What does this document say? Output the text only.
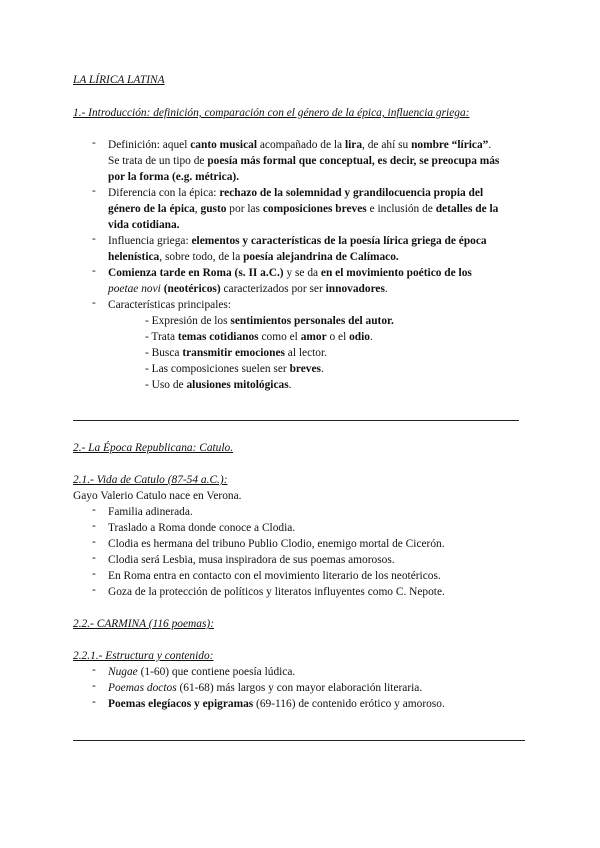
LA LÍRICA LATINA
1.- Introducción: definición, comparación con el género de la épica, influencia griega:
- Definición: aquel canto musical acompañado de la lira, de ahí su nombre “lírica”.
Se trata de un tipo de poesía más formal que conceptual, es decir, se preocupa más
por la forma (e.g. métrica).
- Diferencia con la épica: rechazo de la solemnidad y grandilocuencia propia del
género de la épica, gusto por las composiciones breves e inclusión de detalles de la
vida cotidiana.
- Influencia griega: elementos y características de la poesía lírica griega de época
helenística, sobre todo, de la poesía alejandrina de Calímaco.
- Comienza tarde en Roma (s. II a.C.) y se da en el movimiento poético de los
poetae novi (neotéricos) caracterizados por ser innovadores.
- Características principales:
- Expresión de los sentimientos personales del autor.
- Trata temas cotidianos como el amor o el odio.
- Busca transmitir emociones al lector.
- Las composiciones suelen ser breves.
- Uso de alusiones mitológicas.
2.- La Época Republicana: Catulo.
2.1.- Vida de Catulo (87-54 a.C.):
Gayo Valerio Catulo nace en Verona.
- Familia adinerada.
- Traslado a Roma donde conoce a Clodia.
- Clodia es hermana del tribuno Publio Clodio, enemigo mortal de Cicerón.
- Clodia será Lesbia, musa inspiradora de sus poemas amorosos.
- En Roma entra en contacto con el movimiento literario de los neotéricos.
- Goza de la protección de políticos y literatos influyentes como C. Nepote.
2.2.- CARMINA (116 poemas):
2.2.1.- Estructura y contenido:
- Nugae (1-60) que contiene poesía lúdica.
- Poemas doctos (61-68) más largos y con mayor elaboración literaria.
- Poemas elegíacos y epigramas (69-116) de contenido erótico y amoroso.
